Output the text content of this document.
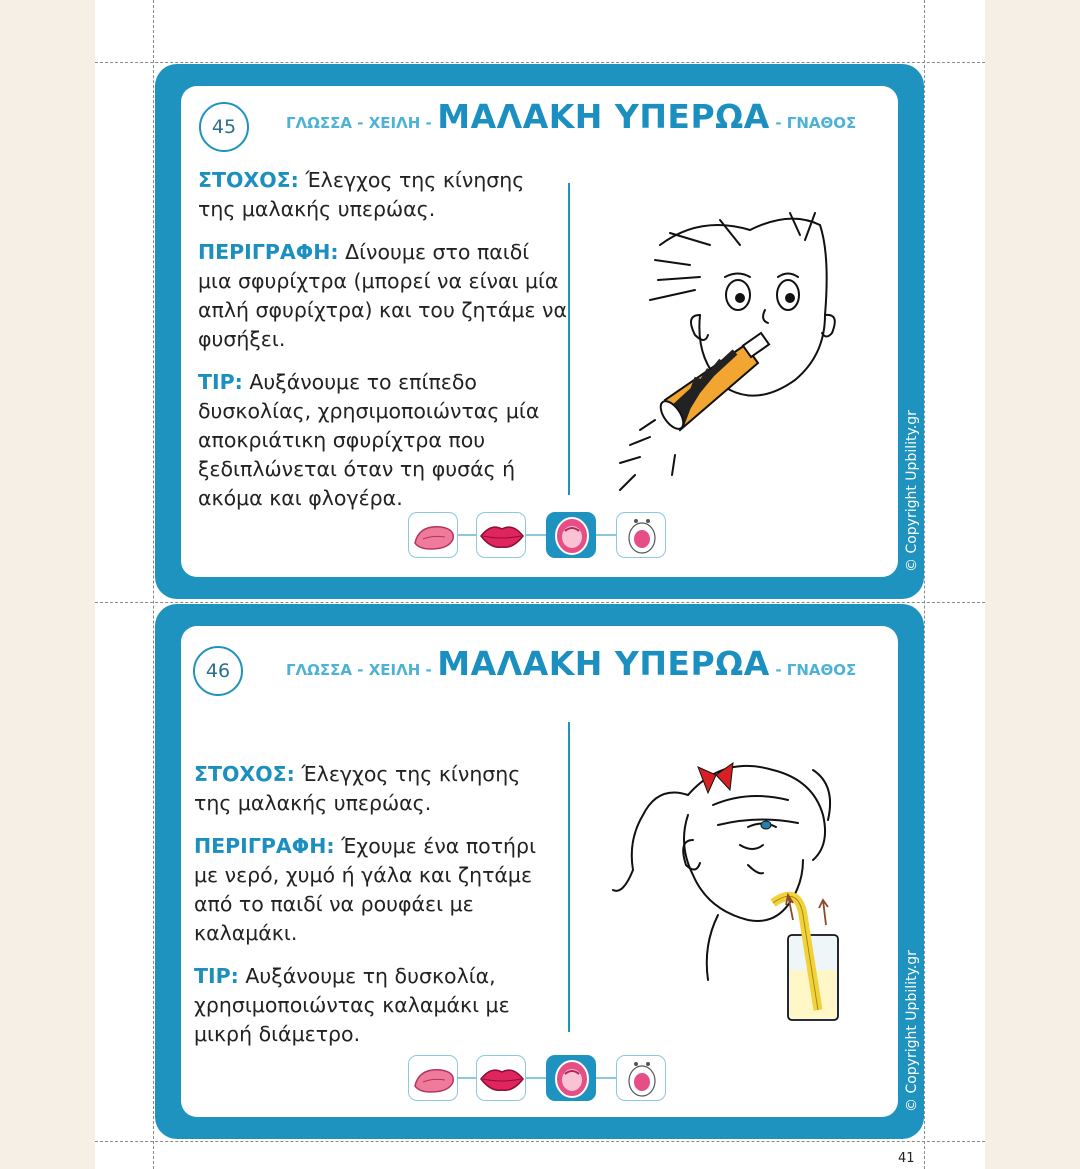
45	ΓΛΩΣΣΑ - ΧΕΙΛΗ - ΜΑΛΑΚΗ ΥΠΕΡΩΑ - ΓΝΑΘΟΣ

ΣΤΟΧΟΣ: Έλεγχος της κίνησης της μαλακής υπερώας.

ΠΕΡΙΓΡΑΦΗ: Δίνουμε στο παιδί μια σφυρίχτρα (μπορεί να είναι μία απλή σφυρίχτρα) και του ζητάμε να φυσήξει.

TIP: Αυξάνουμε το επίπεδο δυσκολίας, χρησιμοποιώντας μία αποκριάτικη σφυρίχτρα που ξεδιπλώνεται όταν τη φυσάς ή ακόμα και φλογέρα.	© Copyright Upbility.gr
46	ΓΛΩΣΣΑ - ΧΕΙΛΗ - ΜΑΛΑΚΗ ΥΠΕΡΩΑ - ΓΝΑΘΟΣ

ΣΤΟΧΟΣ: Έλεγχος της κίνησης της μαλακής υπερώας.

ΠΕΡΙΓΡΑΦΗ: Έχουμε ένα ποτήρι με νερό, χυμό ή γάλα και ζητάμε από το παιδί να ρουφάει με καλαμάκι.

TIP: Αυξάνουμε τη δυσκολία, χρησιμοποιώντας καλαμάκι με μικρή διάμετρο.	© Copyright Upbility.gr
41
